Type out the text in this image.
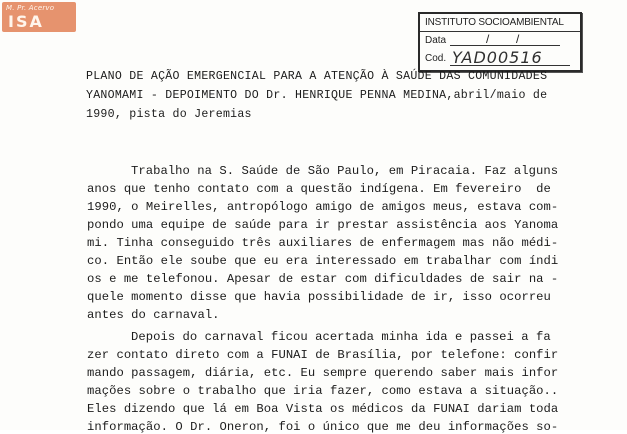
M. Pr. Acervo
ISA	INSTITUTO SOCIOAMBIENTAL
Data	/ /
Cod. YAD00516
PLANO DE AÇÃO EMERGENCIAL PARA A ATENÇÃO À SAÚDE DAS COMUNIDADES
YANOMAMI - DEPOIMENTO DO Dr. HENRIQUE PENNA MEDINA,abril/maio de
1990, pista do Jeremias
Trabalho na S. Saúde de São Paulo, em Piracaia. Faz alguns
anos que tenho contato com a questão indígena. Em fevereiro  de
1990, o Meirelles, antropólogo amigo de amigos meus, estava com-
pondo uma equipe de saúde para ir prestar assistência aos Yanoma
mi. Tinha conseguido três auxiliares de enfermagem mas não médi-
co. Então ele soube que eu era interessado em trabalhar com índi
os e me telefonou. Apesar de estar com dificuldades de sair na -
quele momento disse que havia possibilidade de ir, isso ocorreu
antes do carnaval.
Depois do carnaval ficou acertada minha ida e passei a fa
zer contato direto com a FUNAI de Brasília, por telefone: confir
mando passagem, diária, etc. Eu sempre querendo saber mais infor
mações sobre o trabalho que iria fazer, como estava a situação..
Eles dizendo que lá em Boa Vista os médicos da FUNAI dariam toda
informação. O Dr. Oneron, foi o único que me deu informações so-
